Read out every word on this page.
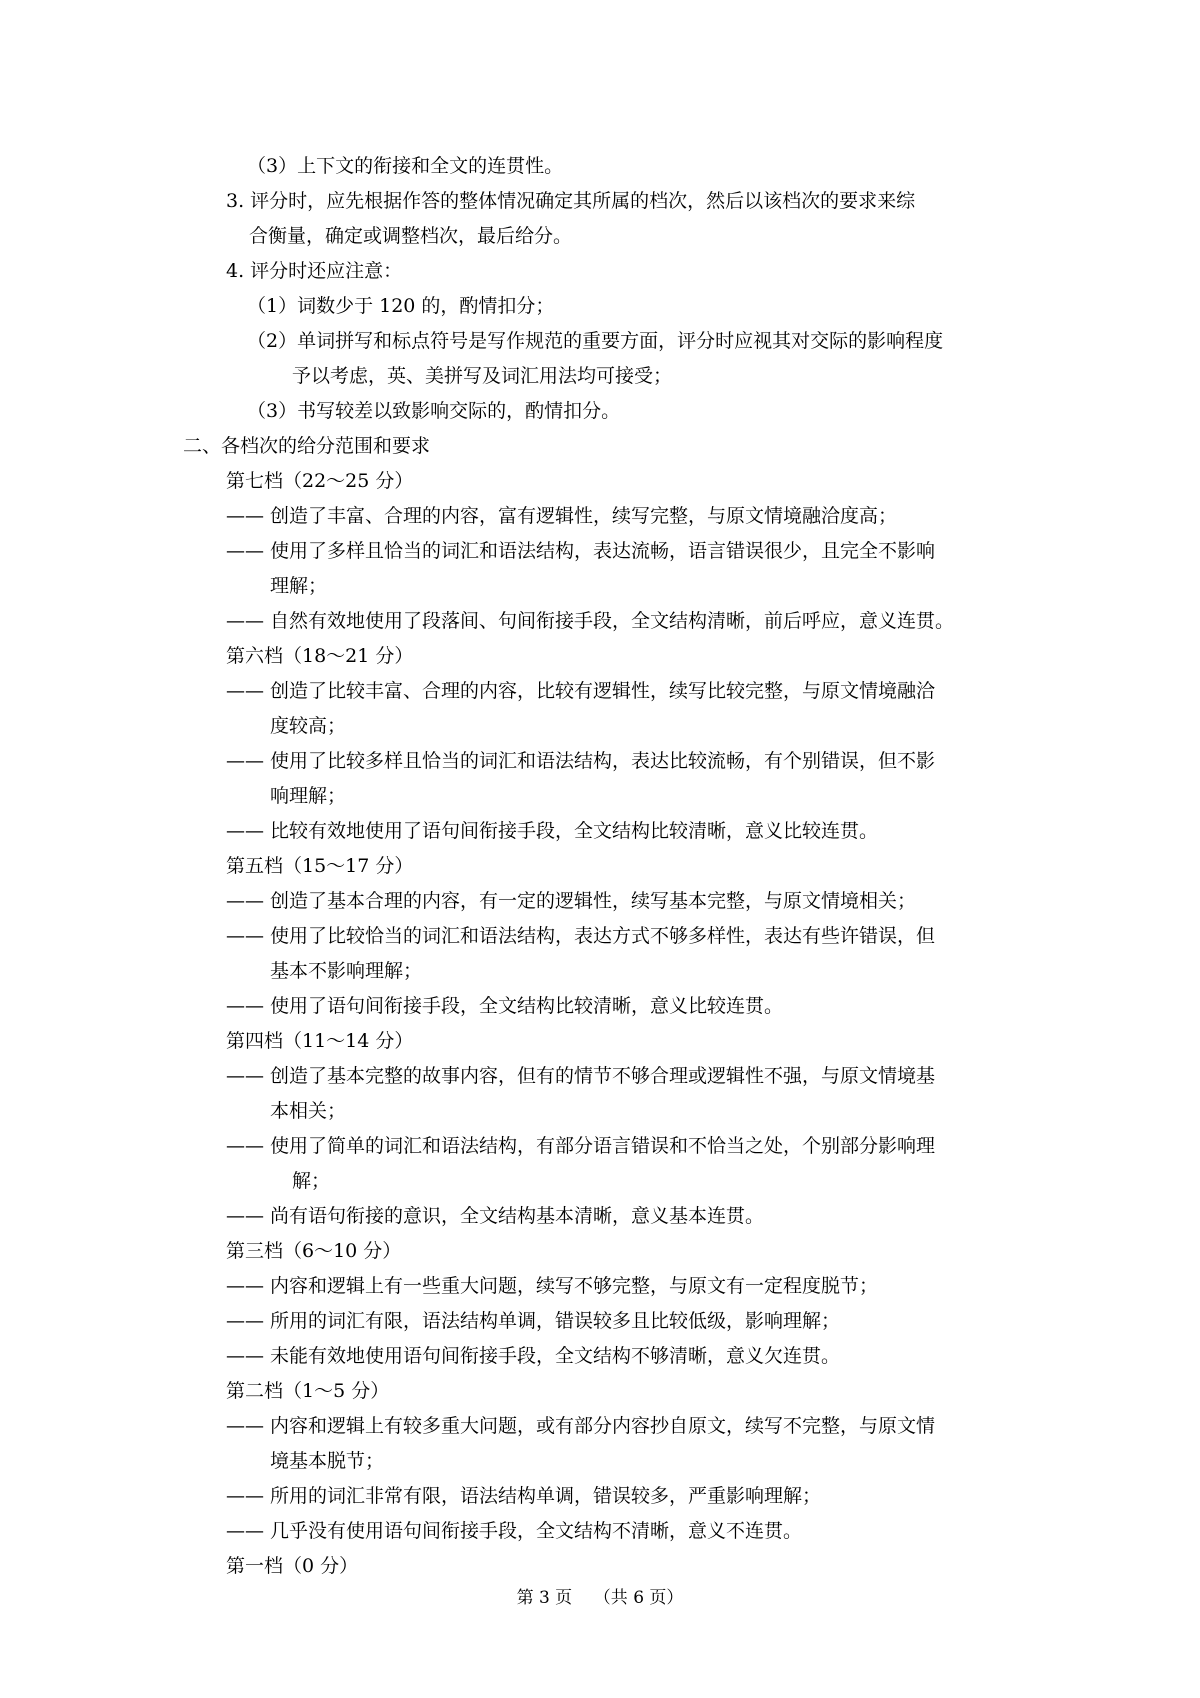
（3）上下文的衔接和全文的连贯性。
3. 评分时，应先根据作答的整体情况确定其所属的档次，然后以该档次的要求来综
合衡量，确定或调整档次，最后给分。
4. 评分时还应注意：
（1）词数少于 120 的，酌情扣分；
（2）单词拼写和标点符号是写作规范的重要方面，评分时应视其对交际的影响程度
予以考虑，英、美拼写及词汇用法均可接受；
（3）书写较差以致影响交际的，酌情扣分。
二、各档次的给分范围和要求
第七档（22～25 分）
—— 创造了丰富、合理的内容，富有逻辑性，续写完整，与原文情境融洽度高；
—— 使用了多样且恰当的词汇和语法结构，表达流畅，语言错误很少，且完全不影响
理解；
—— 自然有效地使用了段落间、句间衔接手段，全文结构清晰，前后呼应，意义连贯。
第六档（18～21 分）
—— 创造了比较丰富、合理的内容，比较有逻辑性，续写比较完整，与原文情境融洽
度较高；
—— 使用了比较多样且恰当的词汇和语法结构，表达比较流畅，有个别错误，但不影
响理解；
—— 比较有效地使用了语句间衔接手段，全文结构比较清晰，意义比较连贯。
第五档（15～17 分）
—— 创造了基本合理的内容，有一定的逻辑性，续写基本完整，与原文情境相关；
—— 使用了比较恰当的词汇和语法结构，表达方式不够多样性，表达有些许错误，但
基本不影响理解；
—— 使用了语句间衔接手段，全文结构比较清晰，意义比较连贯。
第四档（11～14 分）
—— 创造了基本完整的故事内容，但有的情节不够合理或逻辑性不强，与原文情境基
本相关；
—— 使用了简单的词汇和语法结构，有部分语言错误和不恰当之处，个别部分影响理
解；
—— 尚有语句衔接的意识，全文结构基本清晰，意义基本连贯。
第三档（6～10 分）
—— 内容和逻辑上有一些重大问题，续写不够完整，与原文有一定程度脱节；
—— 所用的词汇有限，语法结构单调，错误较多且比较低级，影响理解；
—— 未能有效地使用语句间衔接手段，全文结构不够清晰，意义欠连贯。
第二档（1～5 分）
—— 内容和逻辑上有较多重大问题，或有部分内容抄自原文，续写不完整，与原文情
境基本脱节；
—— 所用的词汇非常有限，语法结构单调，错误较多，严重影响理解；
—— 几乎没有使用语句间衔接手段，全文结构不清晰，意义不连贯。
第一档（0 分）
第 3 页    （共 6 页）
